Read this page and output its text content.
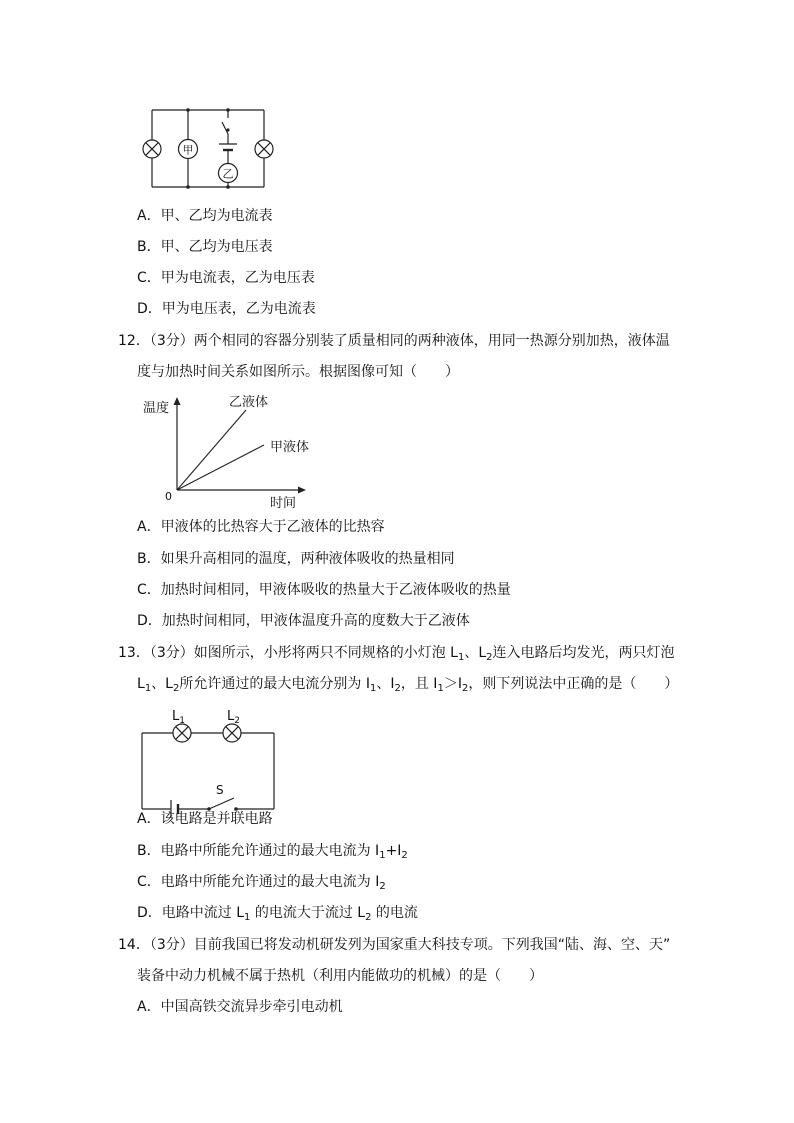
甲
乙
A．甲、乙均为电流表
B．甲、乙均为电压表
C．甲为电流表，乙为电压表
D．甲为电压表，乙为电流表
12．（3分）两个相同的容器分别装了质量相同的两种液体，用同一热源分别加热，液体温
度与加热时间关系如图所示。根据图像可知（　　）
温度
时间
0
乙液体
甲液体
A．甲液体的比热容大于乙液体的比热容
B．如果升高相同的温度，两种液体吸收的热量相同
C．加热时间相同，甲液体吸收的热量大于乙液体吸收的热量
D．加热时间相同，甲液体温度升高的度数大于乙液体
13．（3分）如图所示，小彤将两只不同规格的小灯泡 $L_1$、$L_2$连入电路后均发光，两只灯泡
$L_1$、$L_2$所允许通过的最大电流分别为 $I_1$、$I_2$，且 $I_1>I_2$，则下列说法中正确的是（　　）
$L_1$	$L_2$
S
A．该电路是并联电路
B．电路中所能允许通过的最大电流为 $I_1+I_2$
C．电路中所能允许通过的最大电流为 $I_2$
D．电路中流过 $L_1$ 的电流大于流过 $L_2$ 的电流
14．（3分）目前我国已将发动机研发列为国家重大科技专项。下列我国“陆、海、空、天”
装备中动力机械不属于热机（利用内能做功的机械）的是（　　）
A．中国高铁交流异步牵引电动机
